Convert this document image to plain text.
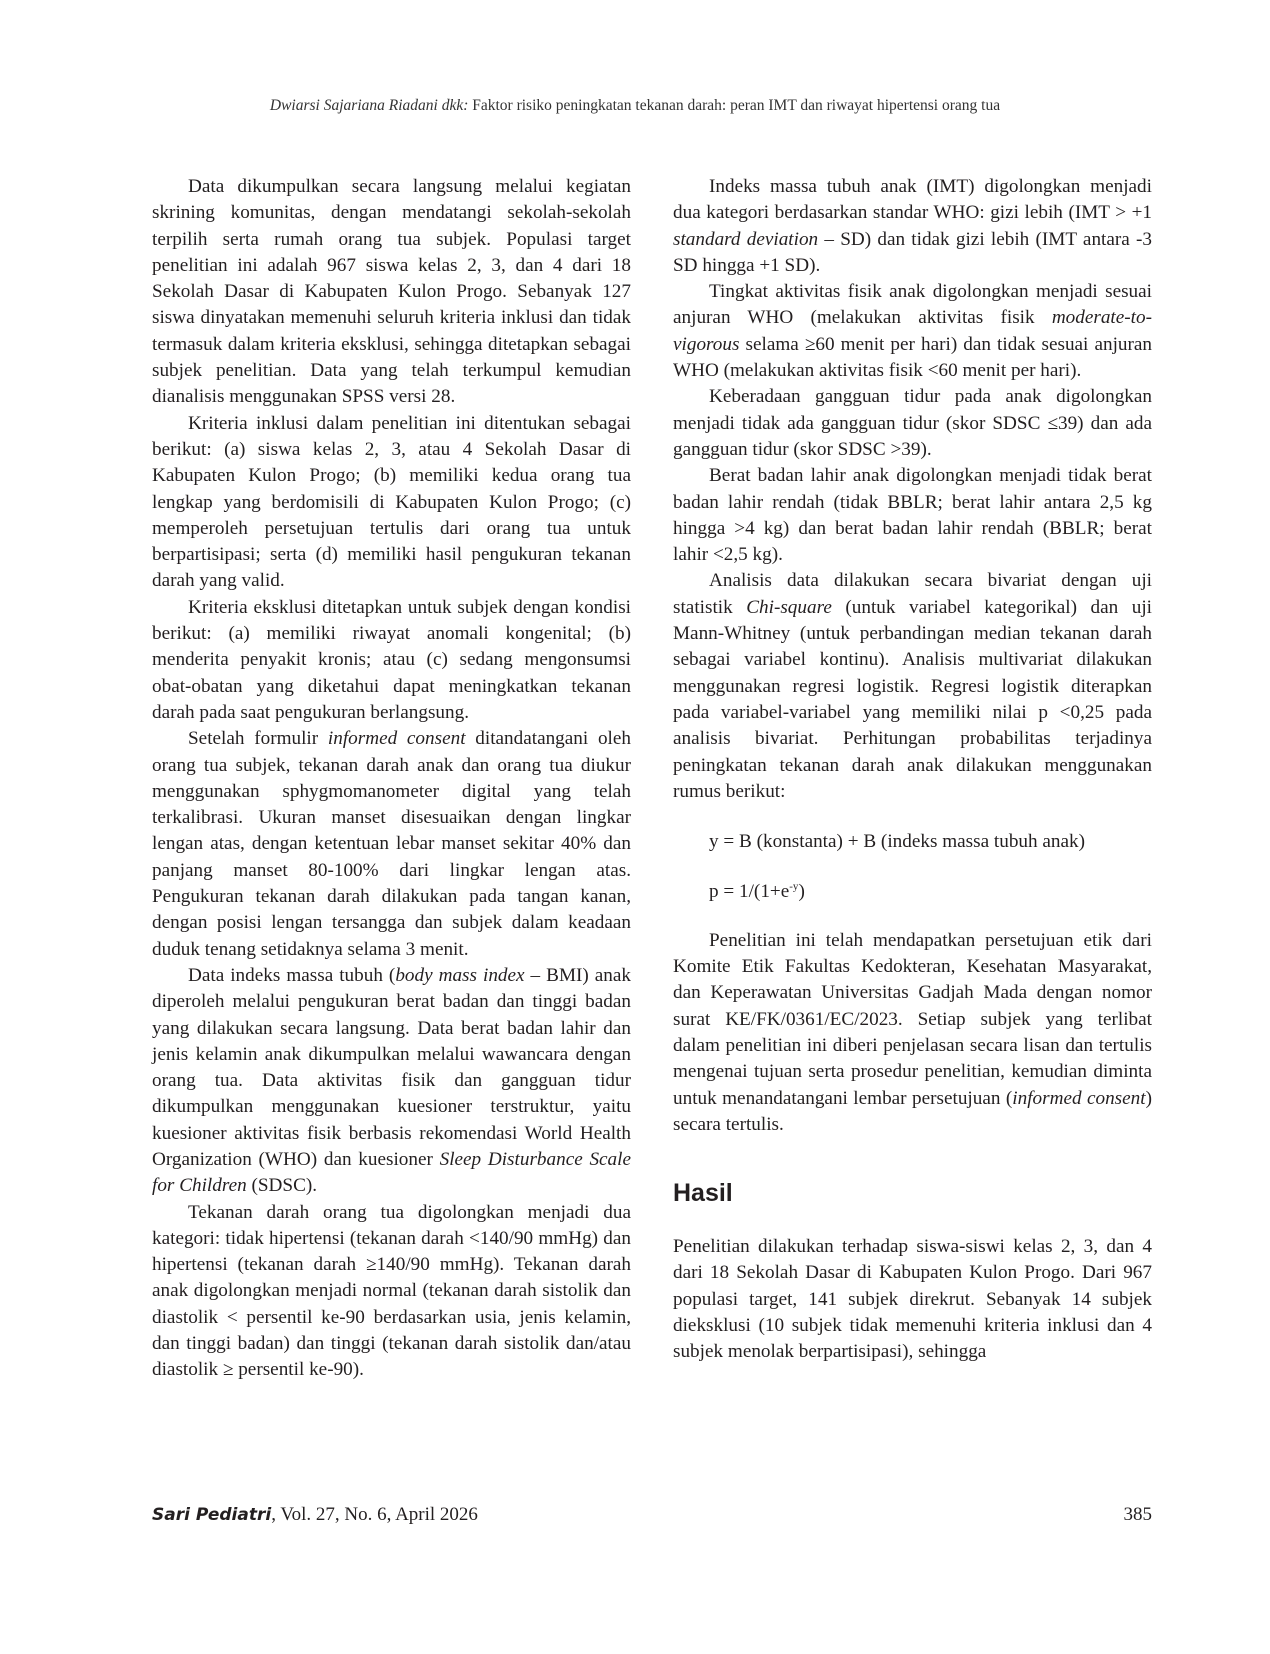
Dwiarsi Sajariana Riadani dkk: Faktor risiko peningkatan tekanan darah: peran IMT dan riwayat hipertensi orang tua

Data dikumpulkan secara langsung melalui kegiatan skrining komunitas, dengan mendatangi sekolah-sekolah terpilih serta rumah orang tua subjek. Populasi target penelitian ini adalah 967 siswa kelas 2, 3, dan 4 dari 18 Sekolah Dasar di Kabupaten Kulon Progo. Sebanyak 127 siswa dinyatakan memenuhi seluruh kriteria inklusi dan tidak termasuk dalam kriteria eksklusi, sehingga ditetapkan sebagai subjek penelitian. Data yang telah terkumpul kemudian dianalisis menggunakan SPSS versi 28.

Kriteria inklusi dalam penelitian ini ditentukan sebagai berikut: (a) siswa kelas 2, 3, atau 4 Sekolah Dasar di Kabupaten Kulon Progo; (b) memiliki kedua orang tua lengkap yang berdomisili di Kabupaten Kulon Progo; (c) memperoleh persetujuan tertulis dari orang tua untuk berpartisipasi; serta (d) memiliki hasil pengukuran tekanan darah yang valid.

Kriteria eksklusi ditetapkan untuk subjek dengan kondisi berikut: (a) memiliki riwayat anomali kongenital; (b) menderita penyakit kronis; atau (c) sedang mengonsumsi obat-obatan yang diketahui dapat meningkatkan tekanan darah pada saat pengukuran berlangsung.

Setelah formulir informed consent ditandatangani oleh orang tua subjek, tekanan darah anak dan orang tua diukur menggunakan sphygmomanometer digital yang telah terkalibrasi. Ukuran manset disesuaikan dengan lingkar lengan atas, dengan ketentuan lebar manset sekitar 40% dan panjang manset 80-100% dari lingkar lengan atas. Pengukuran tekanan darah dilakukan pada tangan kanan, dengan posisi lengan tersangga dan subjek dalam keadaan duduk tenang setidaknya selama 3 menit.

Data indeks massa tubuh (body mass index – BMI) anak diperoleh melalui pengukuran berat badan dan tinggi badan yang dilakukan secara langsung. Data berat badan lahir dan jenis kelamin anak dikumpulkan melalui wawancara dengan orang tua. Data aktivitas fisik dan gangguan tidur dikumpulkan menggunakan kuesioner terstruktur, yaitu kuesioner aktivitas fisik berbasis rekomendasi World Health Organization (WHO) dan kuesioner Sleep Disturbance Scale for Children (SDSC).

Tekanan darah orang tua digolongkan menjadi dua kategori: tidak hipertensi (tekanan darah <140/90 mmHg) dan hipertensi (tekanan darah ≥140/90 mmHg). Tekanan darah anak digolongkan menjadi normal (tekanan darah sistolik dan diastolik < persentil ke-90 berdasarkan usia, jenis kelamin, dan tinggi badan) dan tinggi (tekanan darah sistolik dan/atau diastolik ≥ persentil ke-90).

Indeks massa tubuh anak (IMT) digolongkan menjadi dua kategori berdasarkan standar WHO: gizi lebih (IMT > +1 standard deviation – SD) dan tidak gizi lebih (IMT antara -3 SD hingga +1 SD).

Tingkat aktivitas fisik anak digolongkan menjadi sesuai anjuran WHO (melakukan aktivitas fisik moderate-to-vigorous selama ≥60 menit per hari) dan tidak sesuai anjuran WHO (melakukan aktivitas fisik <60 menit per hari).

Keberadaan gangguan tidur pada anak digolongkan menjadi tidak ada gangguan tidur (skor SDSC ≤39) dan ada gangguan tidur (skor SDSC >39).

Berat badan lahir anak digolongkan menjadi tidak berat badan lahir rendah (tidak BBLR; berat lahir antara 2,5 kg hingga >4 kg) dan berat badan lahir rendah (BBLR; berat lahir <2,5 kg).

Analisis data dilakukan secara bivariat dengan uji statistik Chi-square (untuk variabel kategorikal) dan uji Mann-Whitney (untuk perbandingan median tekanan darah sebagai variabel kontinu). Analisis multivariat dilakukan menggunakan regresi logistik. Regresi logistik diterapkan pada variabel-variabel yang memiliki nilai p <0,25 pada analisis bivariat. Perhitungan probabilitas terjadinya peningkatan tekanan darah anak dilakukan menggunakan rumus berikut:

y = B (konstanta) + B (indeks massa tubuh anak)

$p = 1/(1+e^{-y})$

Penelitian ini telah mendapatkan persetujuan etik dari Komite Etik Fakultas Kedokteran, Kesehatan Masyarakat, dan Keperawatan Universitas Gadjah Mada dengan nomor surat KE/FK/0361/EC/2023. Setiap subjek yang terlibat dalam penelitian ini diberi penjelasan secara lisan dan tertulis mengenai tujuan serta prosedur penelitian, kemudian diminta untuk menandatangani lembar persetujuan (informed consent) secara tertulis.

Hasil

Penelitian dilakukan terhadap siswa-siswi kelas 2, 3, dan 4 dari 18 Sekolah Dasar di Kabupaten Kulon Progo. Dari 967 populasi target, 141 subjek direkrut. Sebanyak 14 subjek dieksklusi (10 subjek tidak memenuhi kriteria inklusi dan 4 subjek menolak berpartisipasi), sehingga

Sari Pediatri, Vol. 27, No. 6, April 2026	385
